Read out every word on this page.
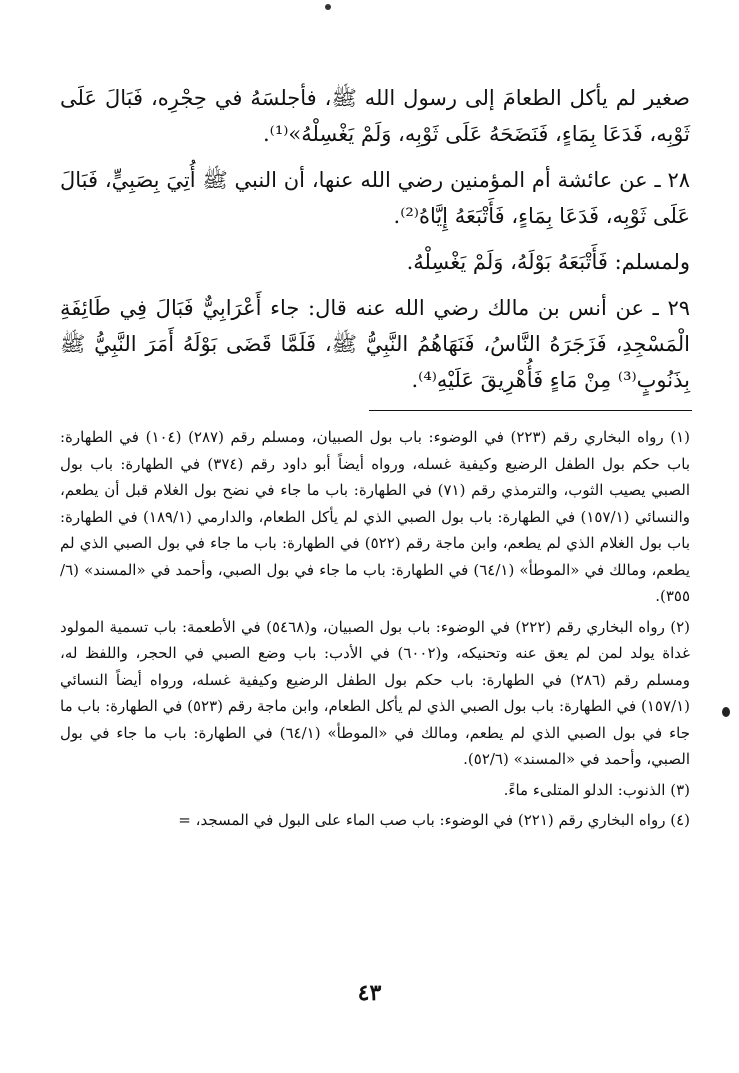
صغير لم يأكل الطعامَ إلى رسول الله ﷺ، فأجلسَهُ في حِجْرِه، فَبَالَ عَلَى ثَوْبِه، فَدَعَا بِمَاءٍ، فَنَضَحَهُ عَلَى ثَوْبِه، وَلَمْ يَغْسِلْهُ»⁽¹⁾.

٢٨ ـ عن عائشة أم المؤمنين رضي الله عنها، أن النبي ﷺ أُتِيَ بِصَبِيٍّ، فَبَالَ عَلَى ثَوْبِه، فَدَعَا بِمَاءٍ، فَأَتْبَعَهُ إِيَّاهُ⁽²⁾.

ولمسلم: فَأَتْبَعَهُ بَوْلَهُ، وَلَمْ يَغْسِلْهُ.

٢٩ ـ عن أنس بن مالك رضي الله عنه قال: جاء أَعْرَابِيٌّ فَبَالَ فِي طَائِفَةِ الْمَسْجِدِ، فَزَجَرَهُ النَّاسُ، فَنَهَاهُمُ النَّبِيُّ ﷺ، فَلَمَّا قَضَى بَوْلَهُ أَمَرَ النَّبِيُّ ﷺ بِذَنُوبٍ⁽³⁾ مِنْ مَاءٍ فَأُهْرِيقَ عَلَيْهِ⁽⁴⁾.

(١) رواه البخاري رقم (٢٢٣) في الوضوء: باب بول الصبيان، ومسلم رقم (٢٨٧) (١٠٤) في الطهارة: باب حكم بول الطفل الرضيع وكيفية غسله، ورواه أيضاً أبو داود رقم (٣٧٤) في الطهارة: باب بول الصبي يصيب الثوب، والترمذي رقم (٧١) في الطهارة: باب ما جاء في نضح بول الغلام قبل أن يطعم، والنسائي (١٥٧/١) في الطهارة: باب بول الصبي الذي لم يأكل الطعام، والدارمي (١٨٩/١) في الطهارة: باب بول الغلام الذي لم يطعم، وابن ماجة رقم (٥٢٢) في الطهارة: باب ما جاء في بول الصبي الذي لم يطعم، ومالك في «الموطأ» (٦٤/١) في الطهارة: باب ما جاء في بول الصبي، وأحمد في «المسند» (٦/ ٣٥٥).

(٢) رواه البخاري رقم (٢٢٢) في الوضوء: باب بول الصبيان، و(٥٤٦٨) في الأطعمة: باب تسمية المولود غداة يولد لمن لم يعق عنه وتحنيكه، و(٦٠٠٢) في الأدب: باب وضع الصبي في الحجر، واللفظ له، ومسلم رقم (٢٨٦) في الطهارة: باب حكم بول الطفل الرضيع وكيفية غسله، ورواه أيضاً النسائي (١٥٧/١) في الطهارة: باب بول الصبي الذي لم يأكل الطعام، وابن ماجة رقم (٥٢٣) في الطهارة: باب ما جاء في بول الصبي الذي لم يطعم، ومالك في «الموطأ» (٦٤/١) في الطهارة: باب ما جاء في بول الصبي، وأحمد في «المسند» (٥٢/٦).

(٣) الذنوب: الدلو المتلىء ماءً.

(٤) رواه البخاري رقم (٢٢١) في الوضوء: باب صب الماء على البول في المسجد، =

٤٣
